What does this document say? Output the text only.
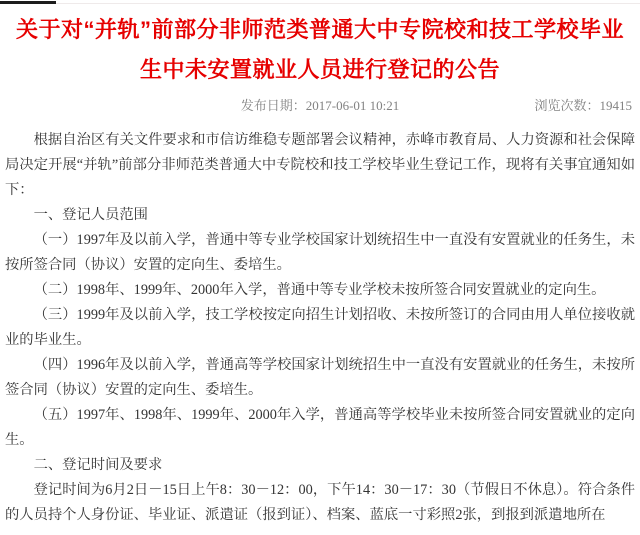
关于对“并轨”前部分非师范类普通大中专院校和技工学校毕业生中未安置就业人员进行登记的公告
发布日期：2017-06-01 10:21	浏览次数：19415

根据自治区有关文件要求和市信访维稳专题部署会议精神，赤峰市教育局、人力资源和社会保障局决定开展“并轨”前部分非师范类普通大中专院校和技工学校毕业生登记工作，现将有关事宜通知如下：

一、登记人员范围

（一）1997年及以前入学，普通中等专业学校国家计划统招生中一直没有安置就业的任务生，未按所签合同（协议）安置的定向生、委培生。

（二）1998年、1999年、2000年入学，普通中等专业学校未按所签合同安置就业的定向生。

（三）1999年及以前入学，技工学校按定向招生计划招收、未按所签订的合同由用人单位接收就业的毕业生。

（四）1996年及以前入学，普通高等学校国家计划统招生中一直没有安置就业的任务生，未按所签合同（协议）安置的定向生、委培生。

（五）1997年、1998年、1999年、2000年入学，普通高等学校毕业未按所签合同安置就业的定向生。

二、登记时间及要求

登记时间为6月2日－15日上午8：30－12：00，下午14：30－17：30（节假日不休息）。符合条件的人员持个人身份证、毕业证、派遣证（报到证）、档案、蓝底一寸彩照2张，到报到派遣地所在
